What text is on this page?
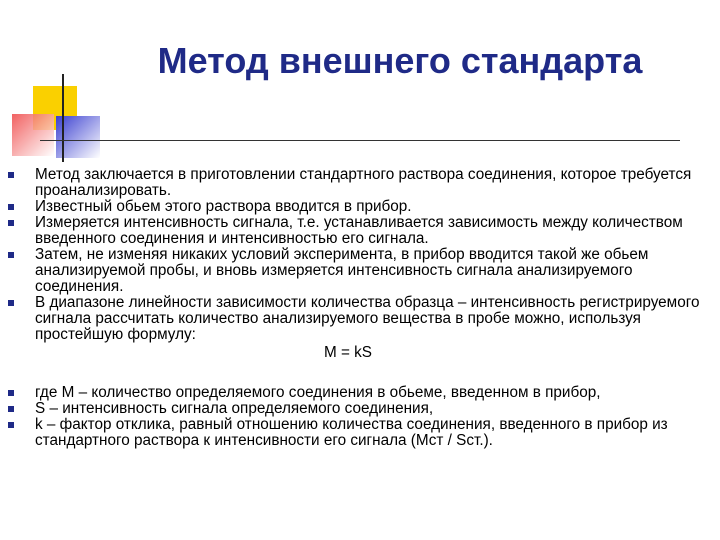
Метод внешнего стандарта

Метод заключается в приготовлении стандартного раствора соединения, которое требуется проанализировать.

Известный обьем этого раствора вводится в прибор.

Измеряется интенсивность сигнала, т.е. устанавливается зависимость между количеством введенного соединения и интенсивностью его сигнала.

Затем, не изменяя никаких условий эксперимента, в прибор вводится такой же обьем анализируемой пробы, и вновь измеряется интенсивность сигнала анализируемого соединения.

В диапазоне линейности зависимости количества образца – интенсивность регистрируемого сигнала рассчитать количество анализируемого вещества в пробе можно, используя простейшую формулу:

M = kS

где M – количество определяемого соединения в обьеме, введенном в прибор,

S – интенсивность сигнала определяемого соединения,

k – фактор отклика, равный отношению количества соединения, введенного в прибор из стандартного раствора к интенсивности его сигнала (Мст / Sст.).
